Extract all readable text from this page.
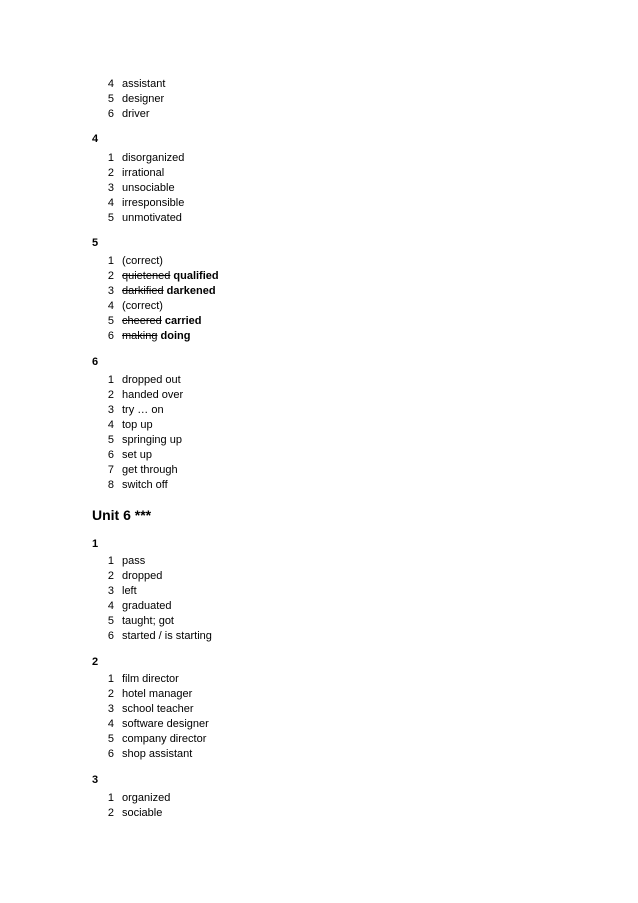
4 assistant
5 designer
6 driver
4
1 disorganized
2 irrational
3 unsociable
4 irresponsible
5 unmotivated
5
1 (correct)
2 quietened qualified
3 darkified darkened
4 (correct)
5 cheered carried
6 making doing
6
1 dropped out
2 handed over
3 try … on
4 top up
5 springing up
6 set up
7 get through
8 switch off
Unit 6 ***
1
1 pass
2 dropped
3 left
4 graduated
5 taught; got
6 started / is starting
2
1 film director
2 hotel manager
3 school teacher
4 software designer
5 company director
6 shop assistant
3
1 organized
2 sociable
